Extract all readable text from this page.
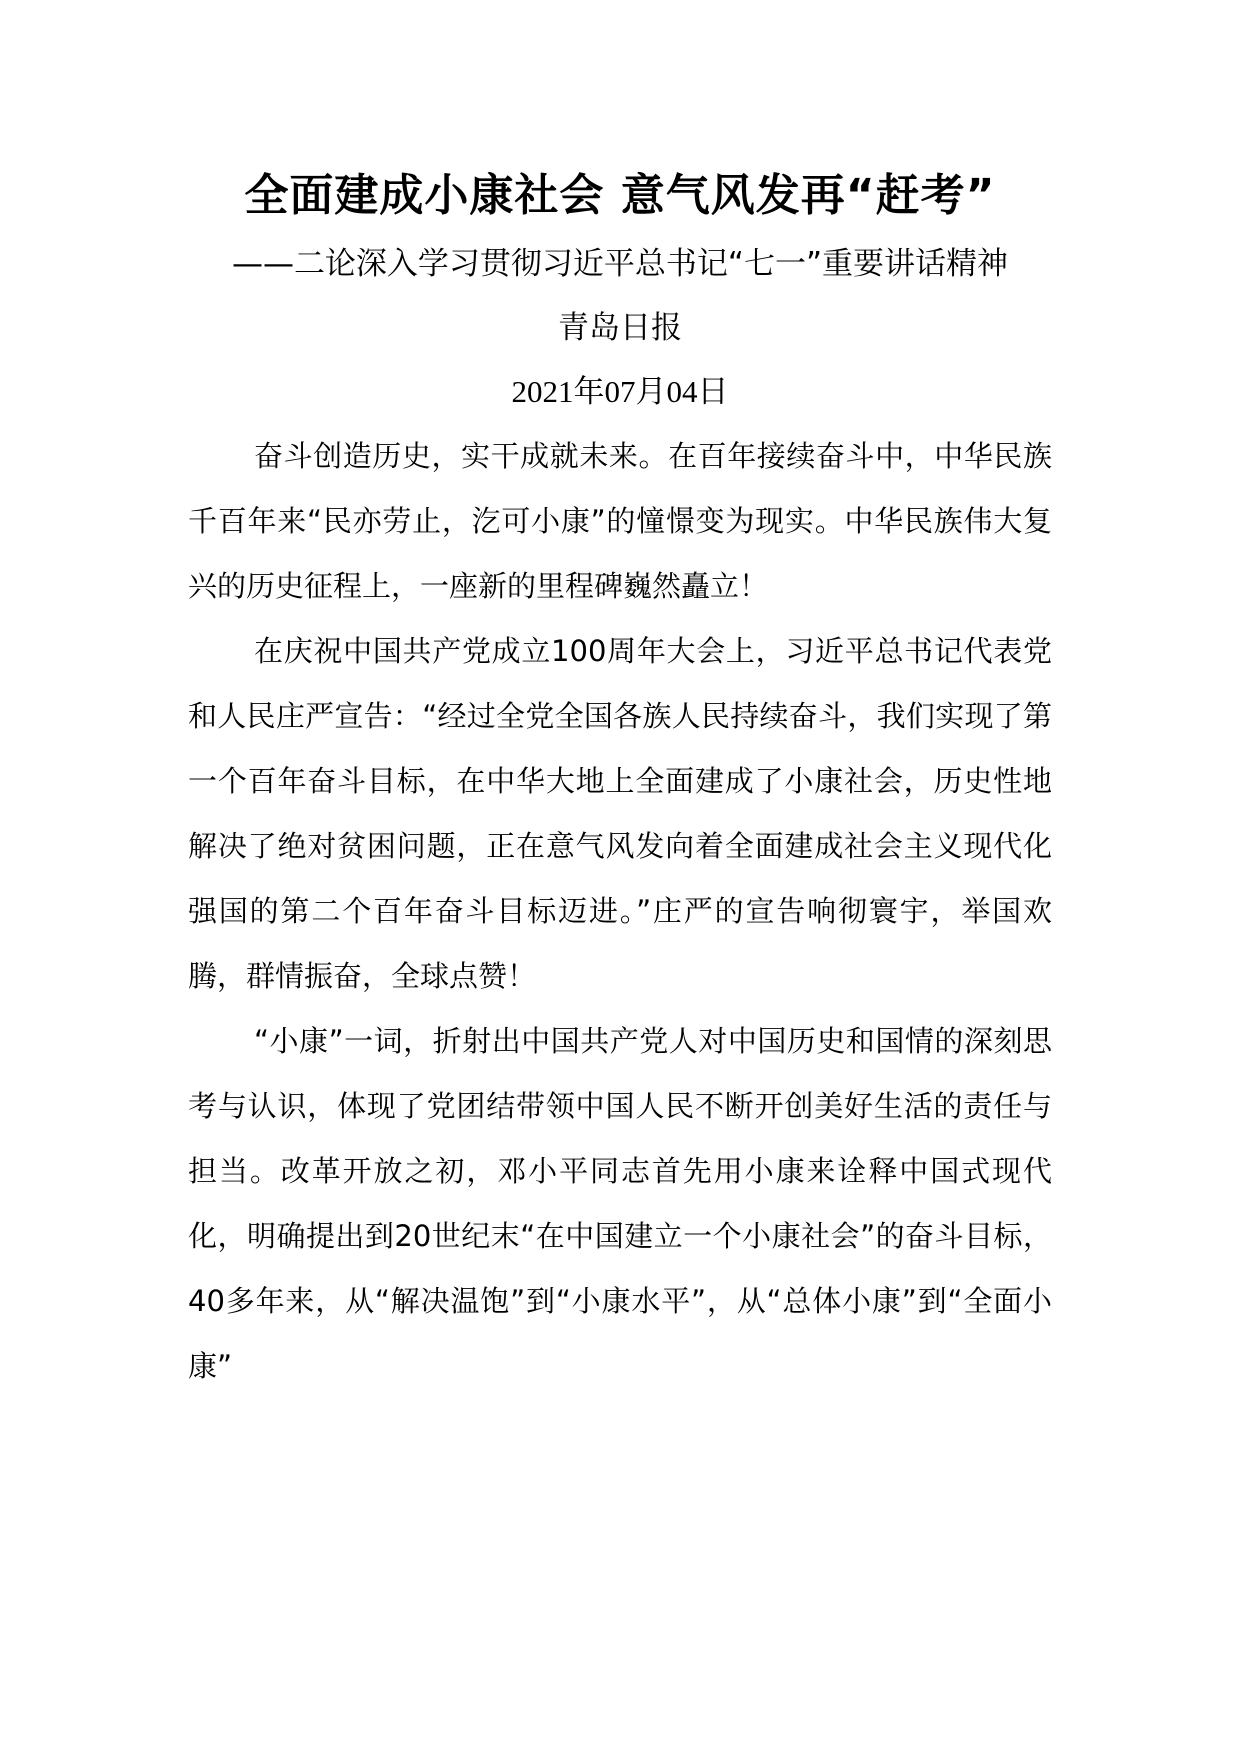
全面建成小康社会 意气风发再“赶考”

——二论深入学习贯彻习近平总书记“七一”重要讲话精神

青岛日报

2021年07月04日

奋斗创造历史，实干成就未来。在百年接续奋斗中，中华民族千百年来“民亦劳止，汔可小康”的憧憬变为现实。中华民族伟大复兴的历史征程上，一座新的里程碑巍然矗立！

在庆祝中国共产党成立100周年大会上，习近平总书记代表党和人民庄严宣告：“经过全党全国各族人民持续奋斗，我们实现了第一个百年奋斗目标，在中华大地上全面建成了小康社会，历史性地解决了绝对贫困问题，正在意气风发向着全面建成社会主义现代化强国的第二个百年奋斗目标迈进。”庄严的宣告响彻寰宇，举国欢腾，群情振奋，全球点赞！

“小康”一词，折射出中国共产党人对中国历史和国情的深刻思考与认识，体现了党团结带领中国人民不断开创美好生活的责任与担当。改革开放之初，邓小平同志首先用小康来诠释中国式现代化，明确提出到20世纪末“在中国建立一个小康社会”的奋斗目标，40多年来，从“解决温饱”到“小康水平”，从“总体小康”到“全面小康”
